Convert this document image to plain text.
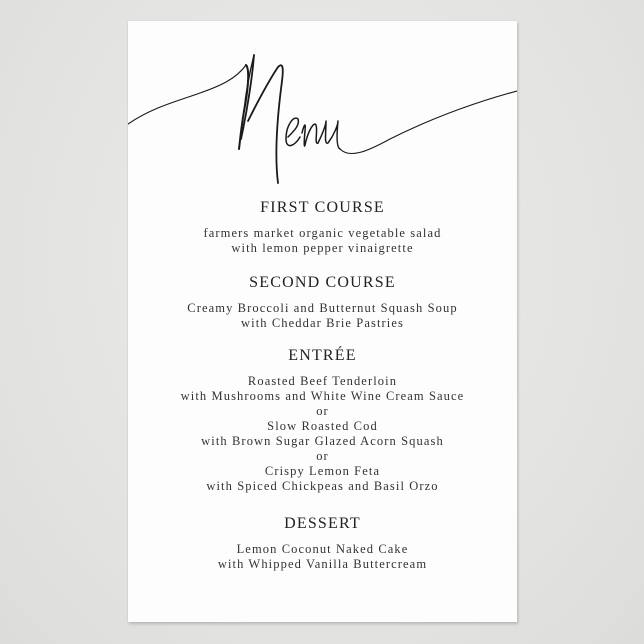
FIRST COURSE

farmers market organic vegetable salad
with lemon pepper vinaigrette

SECOND COURSE

Creamy Broccoli and Butternut Squash Soup
with Cheddar Brie Pastries

ENTRÉE

Roasted Beef Tenderloin
with Mushrooms and White Wine Cream Sauce
or
Slow Roasted Cod
with Brown Sugar Glazed Acorn Squash
or
Crispy Lemon Feta
with Spiced Chickpeas and Basil Orzo

DESSERT

Lemon Coconut Naked Cake
with Whipped Vanilla Buttercream
